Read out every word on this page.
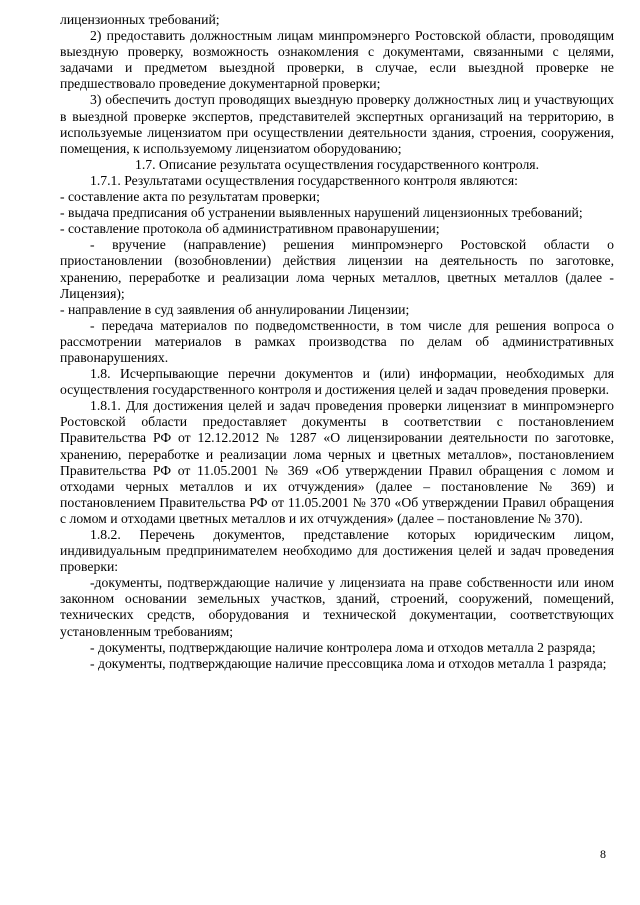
лицензионных требований;

2) предоставить должностным лицам минпромэнерго Ростовской области, проводящим выездную проверку, возможность ознакомления с документами, связанными с целями, задачами и предметом выездной проверки, в случае, если выездной проверке не предшествовало проведение документарной проверки;

3) обеспечить доступ проводящих выездную проверку должностных лиц и участвующих в выездной проверке экспертов, представителей экспертных организаций на территорию, в используемые лицензиатом при осуществлении деятельности здания, строения, сооружения, помещения, к используемому лицензиатом оборудованию;

1.7. Описание результата осуществления государственного контроля.

1.7.1. Результатами осуществления государственного контроля являются:

- составление акта по результатам проверки;

- выдача предписания об устранении выявленных нарушений лицензионных требований;

- составление протокола об административном правонарушении;

- вручение (направление) решения минпромэнерго Ростовской области о приостановлении (возобновлении) действия лицензии на деятельность по заготовке, хранению, переработке и реализации лома черных металлов, цветных металлов (далее - Лицензия);

- направление в суд заявления об аннулировании Лицензии;

- передача материалов по подведомственности, в том числе для решения вопроса о рассмотрении материалов в рамках производства по делам об административных правонарушениях.

1.8. Исчерпывающие перечни документов и (или) информации, необходимых для осуществления государственного контроля и достижения целей и задач проведения проверки.

1.8.1. Для достижения целей и задач проведения проверки лицензиат в минпромэнерго Ростовской области предоставляет документы в соответствии с постановлением Правительства РФ от 12.12.2012 № 1287 «О лицензировании деятельности по заготовке, хранению, переработке и реализации лома черных и цветных металлов», постановлением Правительства РФ от 11.05.2001 № 369 «Об утверждении Правил обращения с ломом и отходами черных металлов и их отчуждения» (далее – постановление № 369) и постановлением Правительства РФ от 11.05.2001 № 370 «Об утверждении Правил обращения с ломом и отходами цветных металлов и их отчуждения» (далее – постановление № 370).

1.8.2. Перечень документов, представление которых юридическим лицом, индивидуальным предпринимателем необходимо для достижения целей и задач проведения проверки:

-документы, подтверждающие наличие у лицензиата на праве собственности или ином законном основании земельных участков, зданий, строений, сооружений, помещений, технических средств, оборудования и технической документации, соответствующих установленным требованиям;

- документы, подтверждающие наличие контролера лома и отходов металла 2 разряда;

- документы, подтверждающие наличие прессовщика лома и отходов металла 1 разряда;

8
